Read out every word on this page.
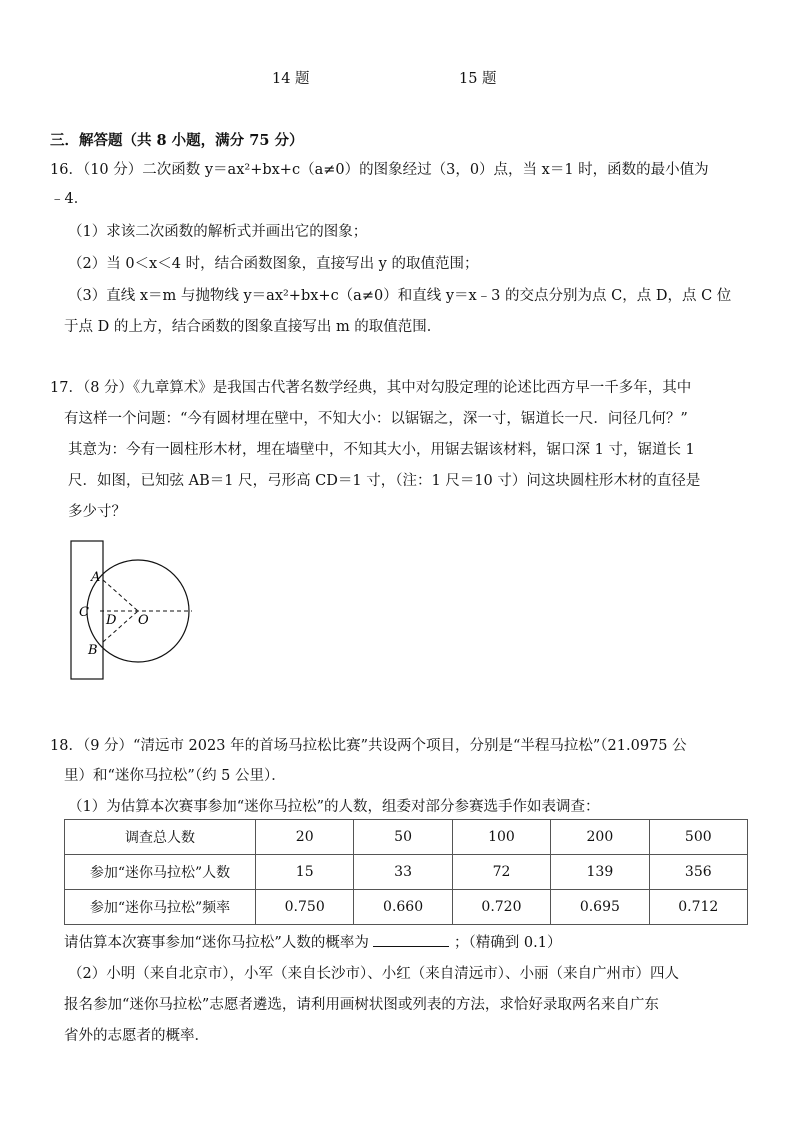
14 题	15 题
三．解答题（共 8 小题，满分 75 分）
16．（10 分）二次函数 y＝ax²+bx+c（a≠0）的图象经过（3，0）点，当 x＝1 时，函数的最小值为
﹣4．
（1）求该二次函数的解析式并画出它的图象；
（2）当 0＜x＜4 时，结合函数图象，直接写出 y 的取值范围；
（3）直线 x＝m 与抛物线 y＝ax²+bx+c（a≠0）和直线 y＝x﹣3 的交点分别为点 C，点 D，点 C 位
于点 D 的上方，结合函数的图象直接写出 m 的取值范围．
17．（8 分）《九章算术》是我国古代著名数学经典，其中对勾股定理的论述比西方早一千多年，其中
有这样一个问题：“今有圆材埋在壁中，不知大小：以锯锯之，深一寸，锯道长一尺．问径几何？”
其意为：今有一圆柱形木材，埋在墙壁中，不知其大小，用锯去锯该材料，锯口深 1 寸，锯道长 1
尺．如图，已知弦 AB＝1 尺，弓形高 CD＝1 寸，（注：1 尺＝10 寸）问这块圆柱形木材的直径是
多少寸？
A
C
D O
B
18．（9 分）“清远市 2023 年的首场马拉松比赛”共设两个项目，分别是“半程马拉松”（21.0975 公
里）和“迷你马拉松”（约 5 公里）．
（1）为估算本次赛事参加“迷你马拉松”的人数，组委对部分参赛选手作如表调查：
调查总人数	20	50	100	200	500
参加“迷你马拉松”人数	15	33	72	139	356
参加“迷你马拉松”频率	0.750	0.660	0.720	0.695	0.712
请估算本次赛事参加“迷你马拉松”人数的概率为	；（精确到 0.1）
（2）小明（来自北京市），小军（来自长沙市）、小红（来自清远市）、小丽（来自广州市）四人
报名参加“迷你马拉松”志愿者遴选，请利用画树状图或列表的方法，求恰好录取两名来自广东
省外的志愿者的概率．
